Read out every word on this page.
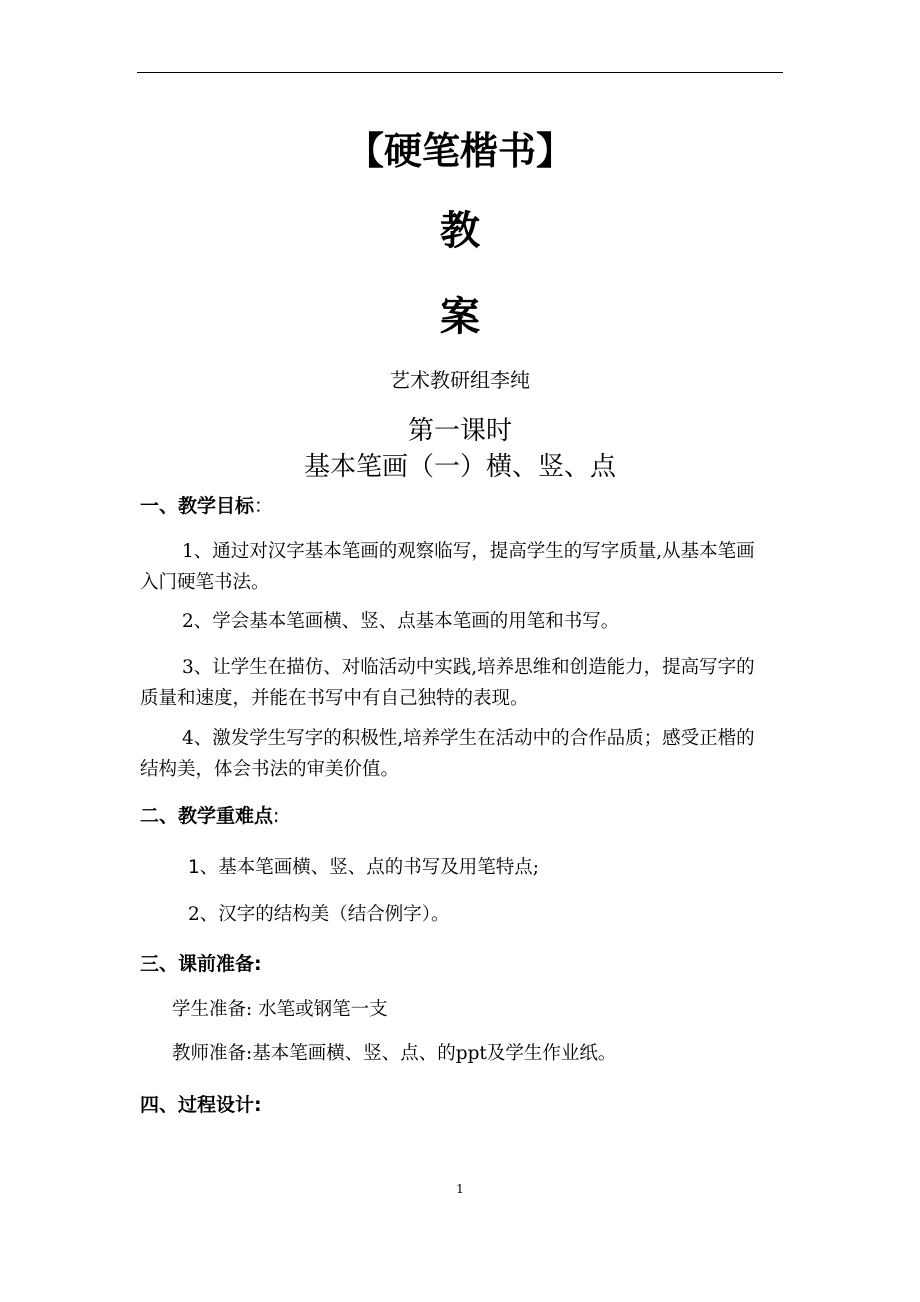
【硬笔楷书】
教
案
艺术教研组李纯
第一课时
基本笔画（一）横、竖、点
一、教学目标：
1、通过对汉字基本笔画的观察临写，提高学生的写字质量,从基本笔画入门硬笔书法。
2、学会基本笔画横、竖、点基本笔画的用笔和书写。
3、让学生在描仿、对临活动中实践,培养思维和创造能力，提高写字的质量和速度，并能在书写中有自己独特的表现。
4、激发学生写字的积极性,培养学生在活动中的合作品质；感受正楷的结构美，体会书法的审美价值。
二、教学重难点:
1、基本笔画横、竖、点的书写及用笔特点;
2、汉字的结构美（结合例字）。
三、课前准备:
学生准备: 水笔或钢笔一支
教师准备:基本笔画横、竖、点、的ppt及学生作业纸。
四、过程设计:
1
